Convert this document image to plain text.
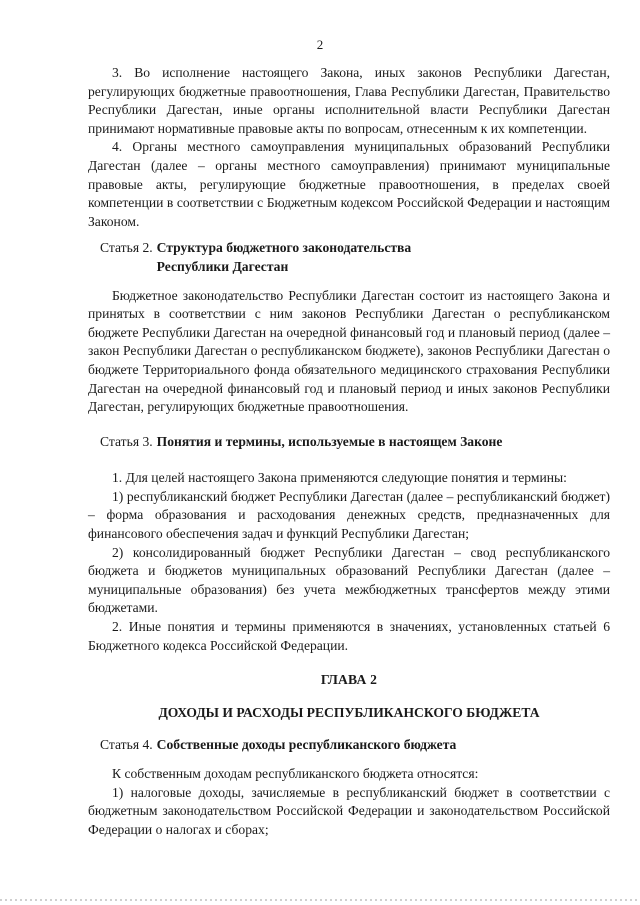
2

3. Во исполнение настоящего Закона, иных законов Республики Дагестан, регулирующих бюджетные правоотношения, Глава Республики Дагестан, Правительство Республики Дагестан, иные органы исполнительной власти Республики Дагестан принимают нормативные правовые акты по вопросам, отнесенным к их компетенции.

4. Органы местного самоуправления муниципальных образований Республики Дагестан (далее – органы местного самоуправления) принимают муниципальные правовые акты, регулирующие бюджетные правоотношения, в пределах своей компетенции в соответствии с Бюджетным кодексом Российской Федерации и настоящим Законом.

Статья 2. Структура бюджетного законодательства
Республики Дагестан

Бюджетное законодательство Республики Дагестан состоит из настоящего Закона и принятых в соответствии с ним законов Республики Дагестан о республиканском бюджете Республики Дагестан на очередной финансовый год и плановый период (далее – закон Республики Дагестан о республиканском бюджете), законов Республики Дагестан о бюджете Территориального фонда обязательного медицинского страхования Республики Дагестан на очередной финансовый год и плановый период и иных законов Республики Дагестан, регулирующих бюджетные правоотношения.

Статья 3. Понятия и термины, используемые в настоящем Законе

1. Для целей настоящего Закона применяются следующие понятия и термины:

1) республиканский бюджет Республики Дагестан (далее – республиканский бюджет) – форма образования и расходования денежных средств, предназначенных для финансового обеспечения задач и функций Республики Дагестан;

2) консолидированный бюджет Республики Дагестан – свод республиканского бюджета и бюджетов муниципальных образований Республики Дагестан (далее – муниципальные образования) без учета межбюджетных трансфертов между этими бюджетами.

2. Иные понятия и термины применяются в значениях, установленных статьей 6 Бюджетного кодекса Российской Федерации.

ГЛАВА 2
ДОХОДЫ И РАСХОДЫ РЕСПУБЛИКАНСКОГО БЮДЖЕТА
Статья 4. Собственные доходы республиканского бюджета

К собственным доходам республиканского бюджета относятся:

1) налоговые доходы, зачисляемые в республиканский бюджет в соответствии с бюджетным законодательством Российской Федерации и законодательством Российской Федерации о налогах и сборах;
